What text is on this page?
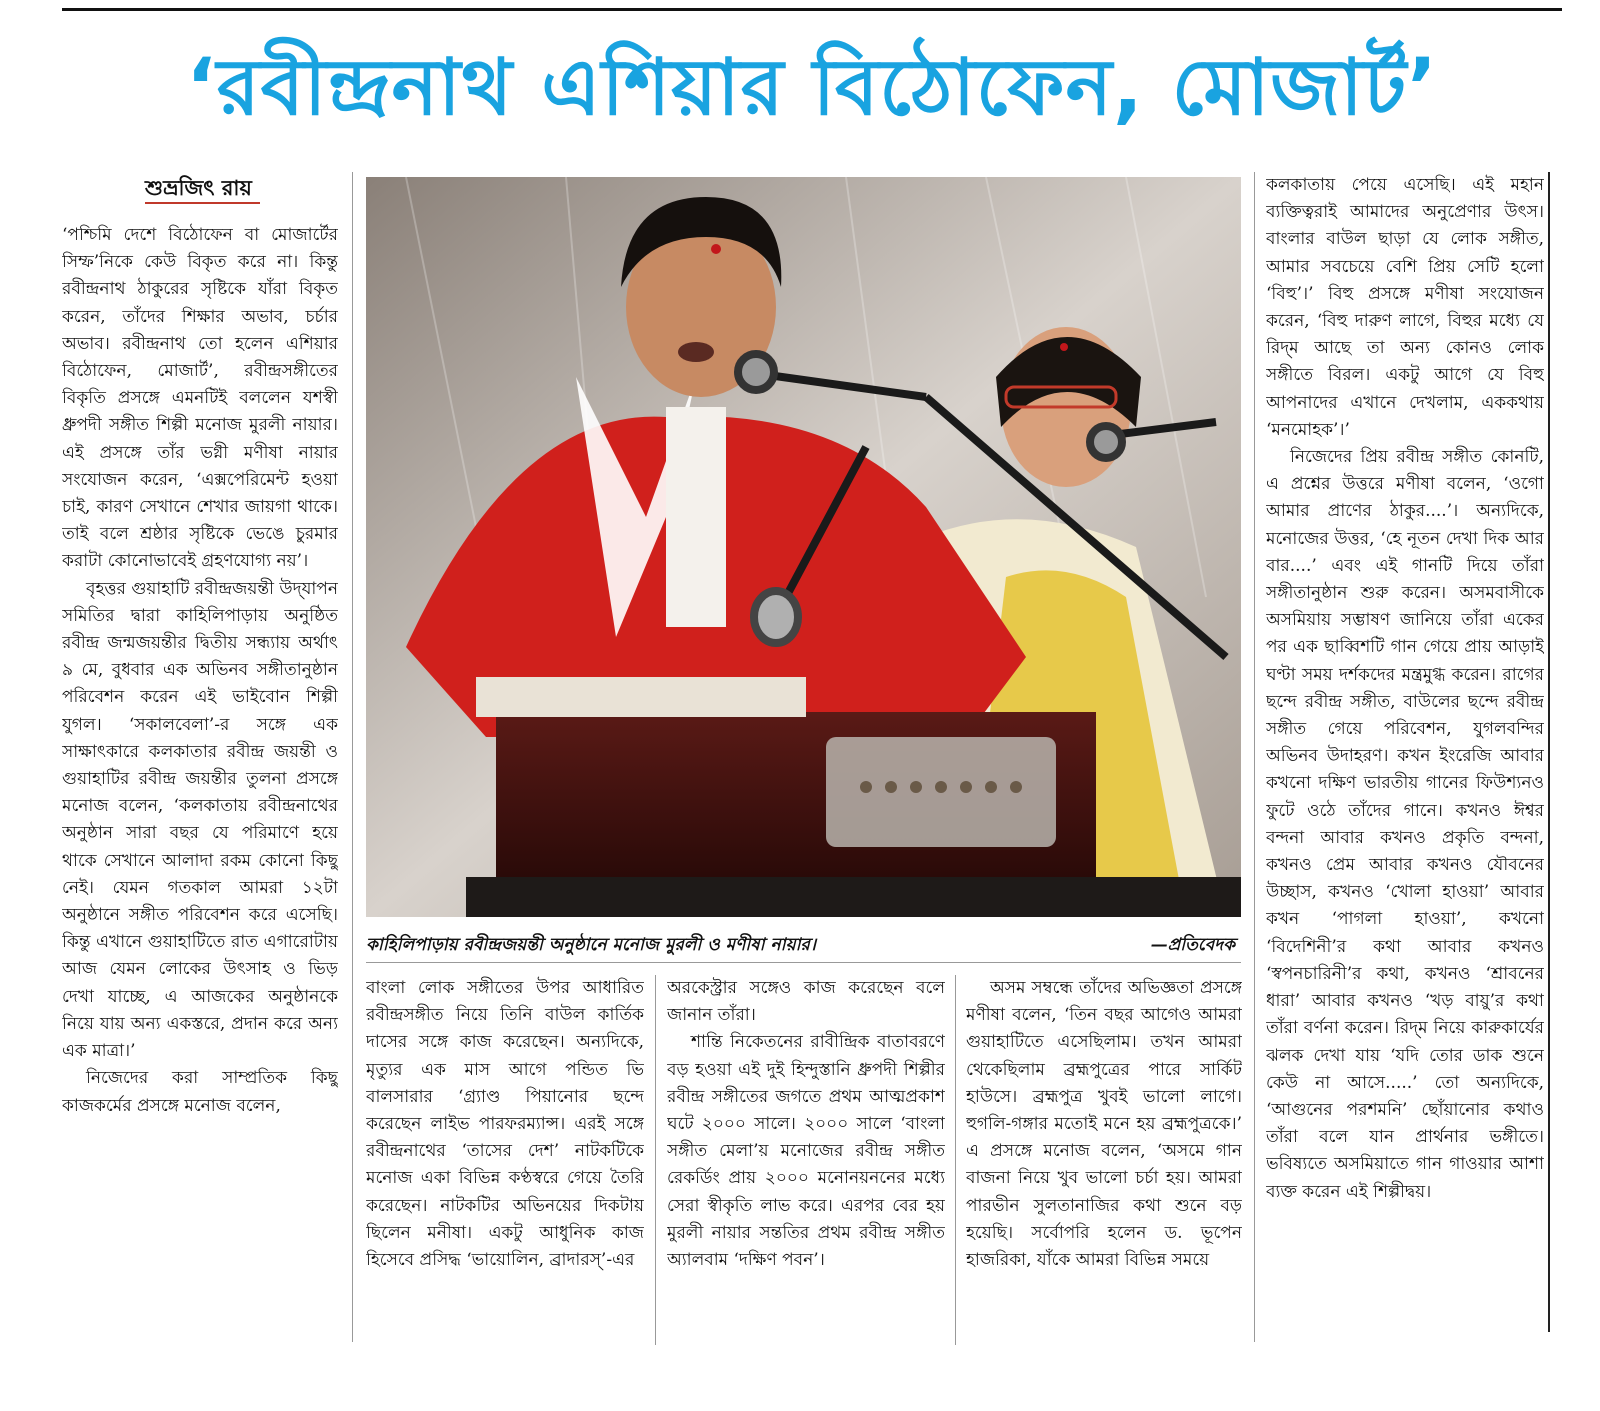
‘রবীন্দ্রনাথ এশিয়ার বিঠোফেন, মোজার্ট’
শুভ্রজিৎ রায়

‘পশ্চিমি দেশে বিঠোফেন বা মোজার্টের সিম্ফ’নিকে কেউ বিকৃত করে না। কিন্তু রবীন্দ্রনাথ ঠাকুরের সৃষ্টিকে যাঁরা বিকৃত করেন, তাঁদের শিক্ষার অভাব, চর্চার অভাব। রবীন্দ্রনাথ তো হলেন এশিয়ার বিঠোফেন, মোজার্ট’, রবীন্দ্রসঙ্গীতের বিকৃতি প্রসঙ্গে এমনটিই বললেন যশস্বী ধ্রুপদী সঙ্গীত শিল্পী মনোজ মুরলী নায়ার। এই প্রসঙ্গে তাঁর ভগ্নী মণীষা নায়ার সংযোজন করেন, ‘এক্সপেরিমেন্ট হওয়া চাই, কারণ সেখানে শেখার জায়গা থাকে। তাই বলে শ্রষ্ঠার সৃষ্টিকে ভেঙে চুরমার করাটা কোনোভাবেই গ্রহণযোগ্য নয়’।

বৃহত্তর গুয়াহাটি রবীন্দ্রজয়ন্তী উদ্‌যাপন সমিতির দ্বারা কাহিলিপাড়ায় অনুষ্ঠিত রবীন্দ্র জন্মজয়ন্তীর দ্বিতীয় সন্ধ্যায় অর্থাৎ ৯ মে, বুধবার এক অভিনব সঙ্গীতানুষ্ঠান পরিবেশন করেন এই ভাইবোন শিল্পী যুগল। ‘সকালবেলা’-র সঙ্গে এক সাক্ষাৎকারে কলকাতার রবীন্দ্র জয়ন্তী ও গুয়াহাটির রবীন্দ্র জয়ন্তীর তুলনা প্রসঙ্গে মনোজ বলেন, ‘কলকাতায় রবীন্দ্রনাথের অনুষ্ঠান সারা বছর যে পরিমাণে হয়ে থাকে সেখানে আলাদা রকম কোনো কিছু নেই। যেমন গতকাল আমরা ১২টা অনুষ্ঠানে সঙ্গীত পরিবেশন করে এসেছি। কিন্তু এখানে গুয়াহাটিতে রাত এগারোটায় আজ যেমন লোকের উৎসাহ ও ভিড় দেখা যাচ্ছে, এ আজকের অনুষ্ঠানকে নিয়ে যায় অন্য একস্তরে, প্রদান করে অন্য এক মাত্রা।’

নিজেদের করা সাম্প্রতিক কিছু কাজকর্মের প্রসঙ্গে মনোজ বলেন,

কাহিলিপাড়ায় রবীন্দ্রজয়ন্তী অনুষ্ঠানে মনোজ মুরলী ও মণীষা নায়ার।	—প্রতিবেদক

বাংলা লোক সঙ্গীতের উপর আধারিত রবীন্দ্রসঙ্গীত নিয়ে তিনি বাউল কার্তিক দাসের সঙ্গে কাজ করেছেন। অন্যদিকে, মৃত্যুর এক মাস আগে পন্ডিত ভি বালসারার ‘গ্র্যাণ্ড পিয়ানোর ছন্দে করেছেন লাইভ পারফরম্যান্স। এরই সঙ্গে রবীন্দ্রনাথের ‘তাসের দেশ’ নাটকটিকে মনোজ একা বিভিন্ন কণ্ঠস্বরে গেয়ে তৈরি করেছেন। নাটকটির অভিনয়ের দিকটায় ছিলেন মনীষা। একটু আধুনিক কাজ হিসেবে প্রসিদ্ধ ‘ভায়োলিন, ব্রাদারস্’-এর

অরকেস্ট্রার সঙ্গেও কাজ করেছেন বলে জানান তাঁরা।

শান্তি নিকেতনের রাবীন্দ্রিক বাতাবরণে বড় হওয়া এই দুই হিন্দুস্তানি ধ্রুপদী শিল্পীর রবীন্দ্র সঙ্গীতের জগতে প্রথম আত্মপ্রকাশ ঘটে ২০০০ সালে। ২০০০ সালে ‘বাংলা সঙ্গীত মেলা’য় মনোজের রবীন্দ্র সঙ্গীত রেকর্ডিং প্রায় ২০০০ মনোনয়ননের মধ্যে সেরা স্বীকৃতি লাভ করে। এরপর বের হয় মুরলী নায়ার সন্ততির প্রথম রবীন্দ্র সঙ্গীত অ্যালবাম ‘দক্ষিণ পবন’।

অসম সম্বন্ধে তাঁদের অভিজ্ঞতা প্রসঙ্গে মণীষা বলেন, ‘তিন বছর আগেও আমরা গুয়াহাটিতে এসেছিলাম। তখন আমরা থেকেছিলাম ব্রহ্মপুত্রের পারে সার্কিট হাউসে। ব্রহ্মপুত্র খুবই ভালো লাগে। হুগলি-গঙ্গার মতোই মনে হয় ব্রহ্মপুত্রকে।’ এ প্রসঙ্গে মনোজ বলেন, ‘অসমে গান বাজনা নিয়ে খুব ভালো চর্চা হয়। আমরা পারভীন সুলতানাজির কথা শুনে বড় হয়েছি। সর্বোপরি হলেন ড. ভূপেন হাজরিকা, যাঁকে আমরা বিভিন্ন সময়ে

কলকাতায় পেয়ে এসেছি। এই মহান ব্যক্তিত্বরাই আমাদের অনুপ্রেণার উৎস। বাংলার বাউল ছাড়া যে লোক সঙ্গীত, আমার সবচেয়ে বেশি প্রিয় সেটি হলো ‘বিহু’।’ বিহু প্রসঙ্গে মণীষা সংযোজন করেন, ‘বিহু দারুণ লাগে, বিহুর মধ্যে যে রিদ্‌ম আছে তা অন্য কোনও লোক সঙ্গীতে বিরল। একটু আগে যে বিহু আপনাদের এখানে দেখলাম, এককথায় ‘মনমোহক’।’

নিজেদের প্রিয় রবীন্দ্র সঙ্গীত কোনটি, এ প্রশ্নের উত্তরে মণীষা বলেন, ‘ওগো আমার প্রাণের ঠাকুর....’। অন্যদিকে, মনোজের উত্তর, ‘হে নূতন দেখা দিক আর বার....’ এবং এই গানটি দিয়ে তাঁরা সঙ্গীতানুষ্ঠান শুরু করেন। অসমবাসীকে অসমিয়ায় সম্ভাষণ জানিয়ে তাঁরা একের পর এক ছাব্বিশটি গান গেয়ে প্রায় আড়াই ঘণ্টা সময় দর্শকদের মন্ত্রমুগ্ধ করেন। রাগের ছন্দে রবীন্দ্র সঙ্গীত, বাউলের ছন্দে রবীন্দ্র সঙ্গীত গেয়ে পরিবেশন, যুগলবন্দির অভিনব উদাহরণ। কখন ইংরেজি আবার কখনো দক্ষিণ ভারতীয় গানের ফিউশ্যনও ফুটে ওঠে তাঁদের গানে। কখনও ঈশ্বর বন্দনা আবার কখনও প্রকৃতি বন্দনা, কখনও প্রেম আবার কখনও যৌবনের উচ্ছাস, কখনও ‘খোলা হাওয়া’ আবার কখন ‘পাগলা হাওয়া’, কখনো ‘বিদেশিনী’র কথা আবার কখনও ‘স্বপনচারিনী’র কথা, কখনও ‘শ্রাবনের ধারা’ আবার কখনও ‘খড় বায়ু’র কথা তাঁরা বর্ণনা করেন। রিদ্‌ম নিয়ে কারুকার্যের ঝলক দেখা যায় ‘যদি তোর ডাক শুনে কেউ না আসে.....’ তো অন্যদিকে, ‘আগুনের পরশমনি’ ছোঁয়ানোর কথাও তাঁরা বলে যান প্রার্থনার ভঙ্গীতে। ভবিষ্যতে অসমিয়াতে গান গাওয়ার আশা ব্যক্ত করেন এই শিল্পীদ্বয়।
